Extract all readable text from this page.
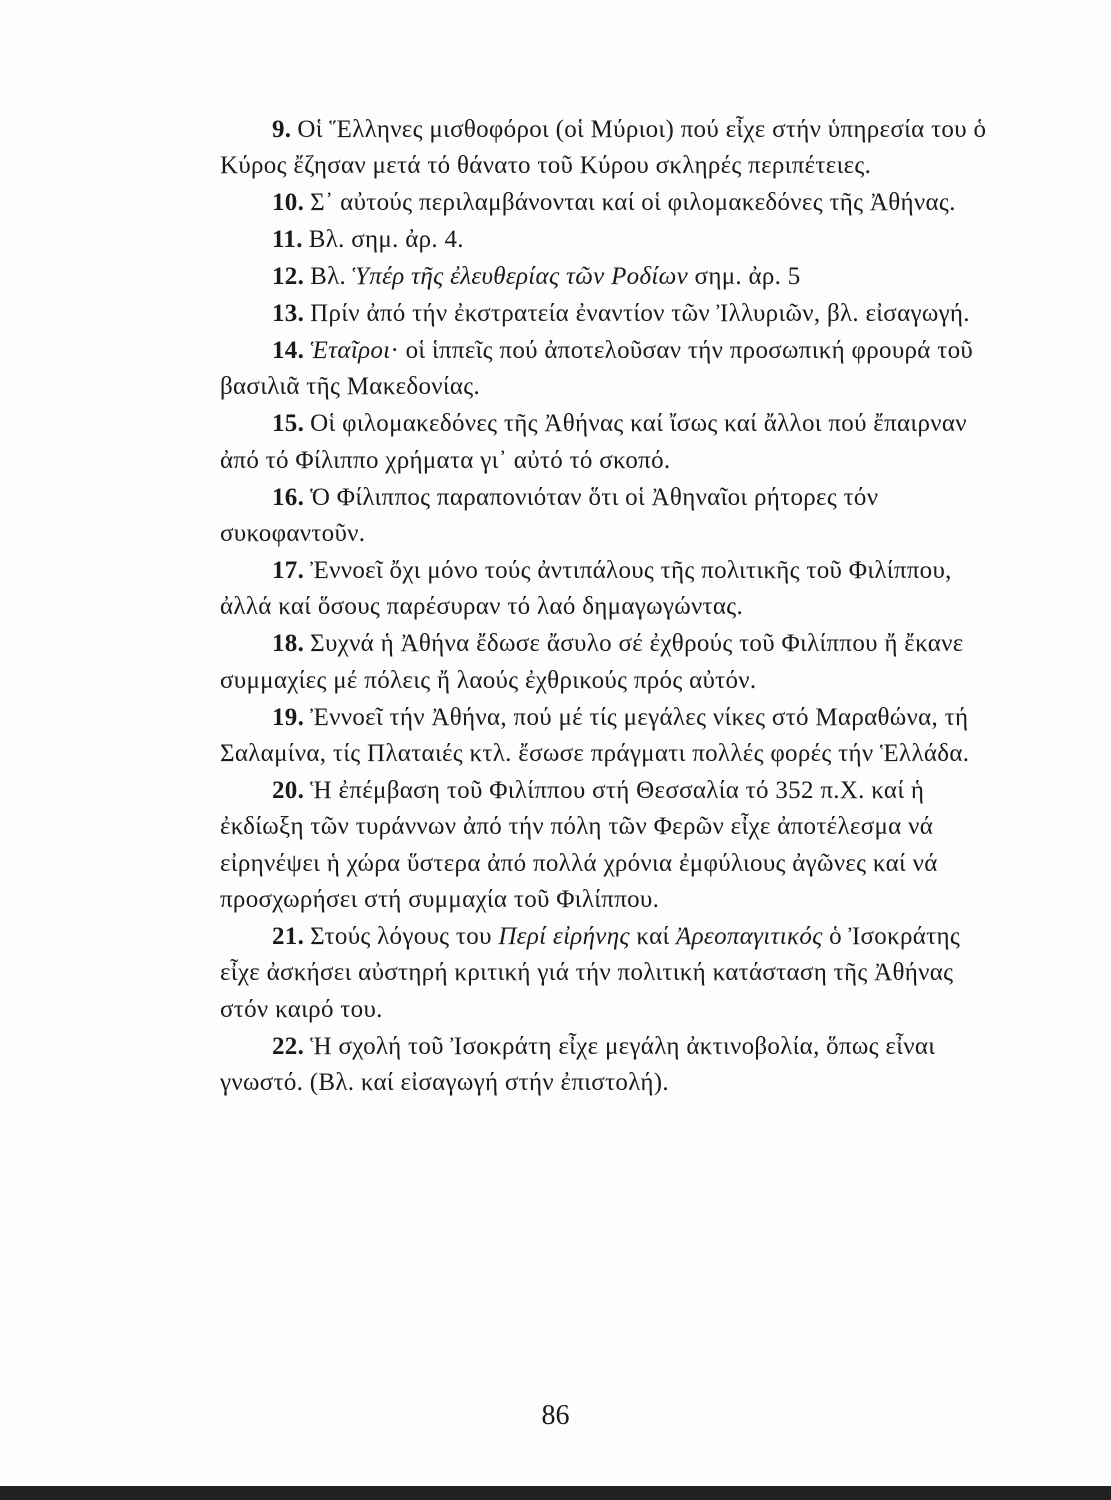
9. Οἱ Ἕλληνες μισθοφόροι (οἱ Μύριοι) πού εἶχε στήν ὑπηρεσία του ὁ Κύρος ἔζησαν μετά τό θάνατο τοῦ Κύρου σκληρές περιπέτειες.

10. Σ᾽ αὐτούς περιλαμβάνονται καί οἱ φιλομακεδόνες τῆς Ἀθήνας.

11. Βλ. σημ. ἀρ. 4.

12. Βλ. Ὑπέρ τῆς ἐλευθερίας τῶν Ροδίων σημ. ἀρ. 5

13. Πρίν ἀπό τήν ἐκστρατεία ἐναντίον τῶν Ἰλλυριῶν, βλ. εἰσαγωγή.

14. Ἑταῖροι· οἱ ἱππεῖς πού ἀποτελοῦσαν τήν προσωπική φρουρά τοῦ βασιλιᾶ τῆς Μακεδονίας.

15. Οἱ φιλομακεδόνες τῆς Ἀθήνας καί ἴσως καί ἄλλοι πού ἔπαιρναν ἀπό τό Φίλιππο χρήματα γι᾽ αὐτό τό σκοπό.

16. Ὁ Φίλιππος παραπονιόταν ὅτι οἱ Ἀθηναῖοι ρήτορες τόν συκοφαντοῦν.

17. Ἐννοεῖ ὄχι μόνο τούς ἀντιπάλους τῆς πολιτικῆς τοῦ Φιλίππου, ἀλλά καί ὅσους παρέσυραν τό λαό δημαγωγώντας.

18. Συχνά ἡ Ἀθήνα ἔδωσε ἄσυλο σέ ἐχθρούς τοῦ Φιλίππου ἤ ἔκανε συμμαχίες μέ πόλεις ἤ λαούς ἐχθρικούς πρός αὐτόν.

19. Ἐννοεῖ τήν Ἀθήνα, πού μέ τίς μεγάλες νίκες στό Μαραθώνα, τή Σαλαμίνα, τίς Πλαταιές κτλ. ἔσωσε πράγματι πολλές φορές τήν Ἑλλάδα.

20. Ἡ ἐπέμβαση τοῦ Φιλίππου στή Θεσσαλία τό 352 π.Χ. καί ἡ ἐκδίωξη τῶν τυράννων ἀπό τήν πόλη τῶν Φερῶν εἶχε ἀποτέλεσμα νά εἰρηνέψει ἡ χώρα ὕστερα ἀπό πολλά χρόνια ἐμφύλιους ἀγῶνες καί νά προσχωρήσει στή συμμαχία τοῦ Φιλίππου.

21. Στούς λόγους του Περί εἰρήνης καί Ἀρεοπαγιτικός ὁ Ἰσοκράτης εἶχε ἀσκήσει αὐστηρή κριτική γιά τήν πολιτική κατάσταση τῆς Ἀθήνας στόν καιρό του.

22. Ἡ σχολή τοῦ Ἰσοκράτη εἶχε μεγάλη ἀκτινοβολία, ὅπως εἶναι γνωστό. (Βλ. καί εἰσαγωγή στήν ἐπιστολή).

86
